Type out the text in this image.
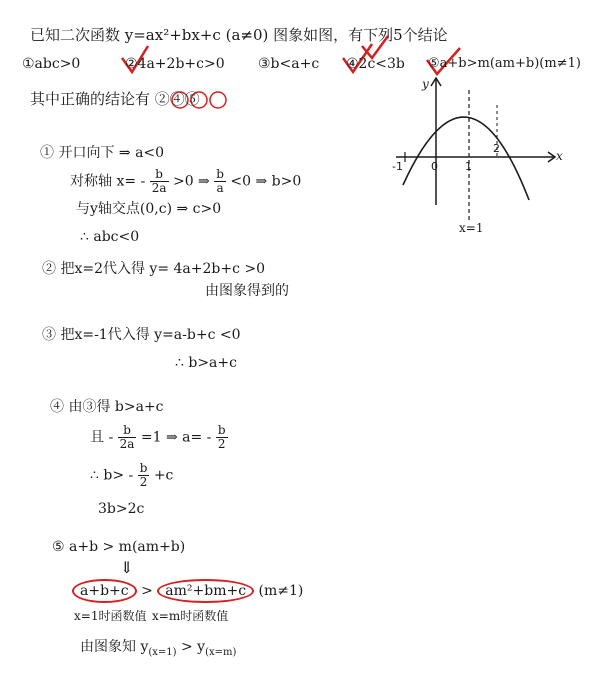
-1	0 1
2
x
y
x=1
已知二次函数 y=ax²+bx+c (a≠0) 图象如图，有下列5个结论
①abc>0	②4a+2b+c>0 ③b<a+c ④2c<3b ⑤a+b>m(am+b)(m≠1)
其中正确的结论有 ②④⑤
① 开口向下 ⇒ a<0
对称轴 $x= - \frac{b}{2a} >0$ ⇒ $\frac{b}{a} <0$ ⇒ b>0
与y轴交点(0,c) ⇒ c>0
∴ abc<0
② 把x=2代入得 y= 4a+2b+c >0
由图象得到的
③ 把x=-1代入得 y=a-b+c <0
∴ b>a+c
④ 由③得 b>a+c
且 - $\frac{b}{2a} =1$ ⇒ $a= - \frac{b}{2}$
∴ $b> - \frac{b}{2} +c$
3b>2c
⑤ a+b > m(am+b)
⇓
a+b+c > am²+bm+c (m≠1)
x=1时函数值 x=m时函数值
由图象知 $y_{(x=1)} > y_{(x=m)}$
